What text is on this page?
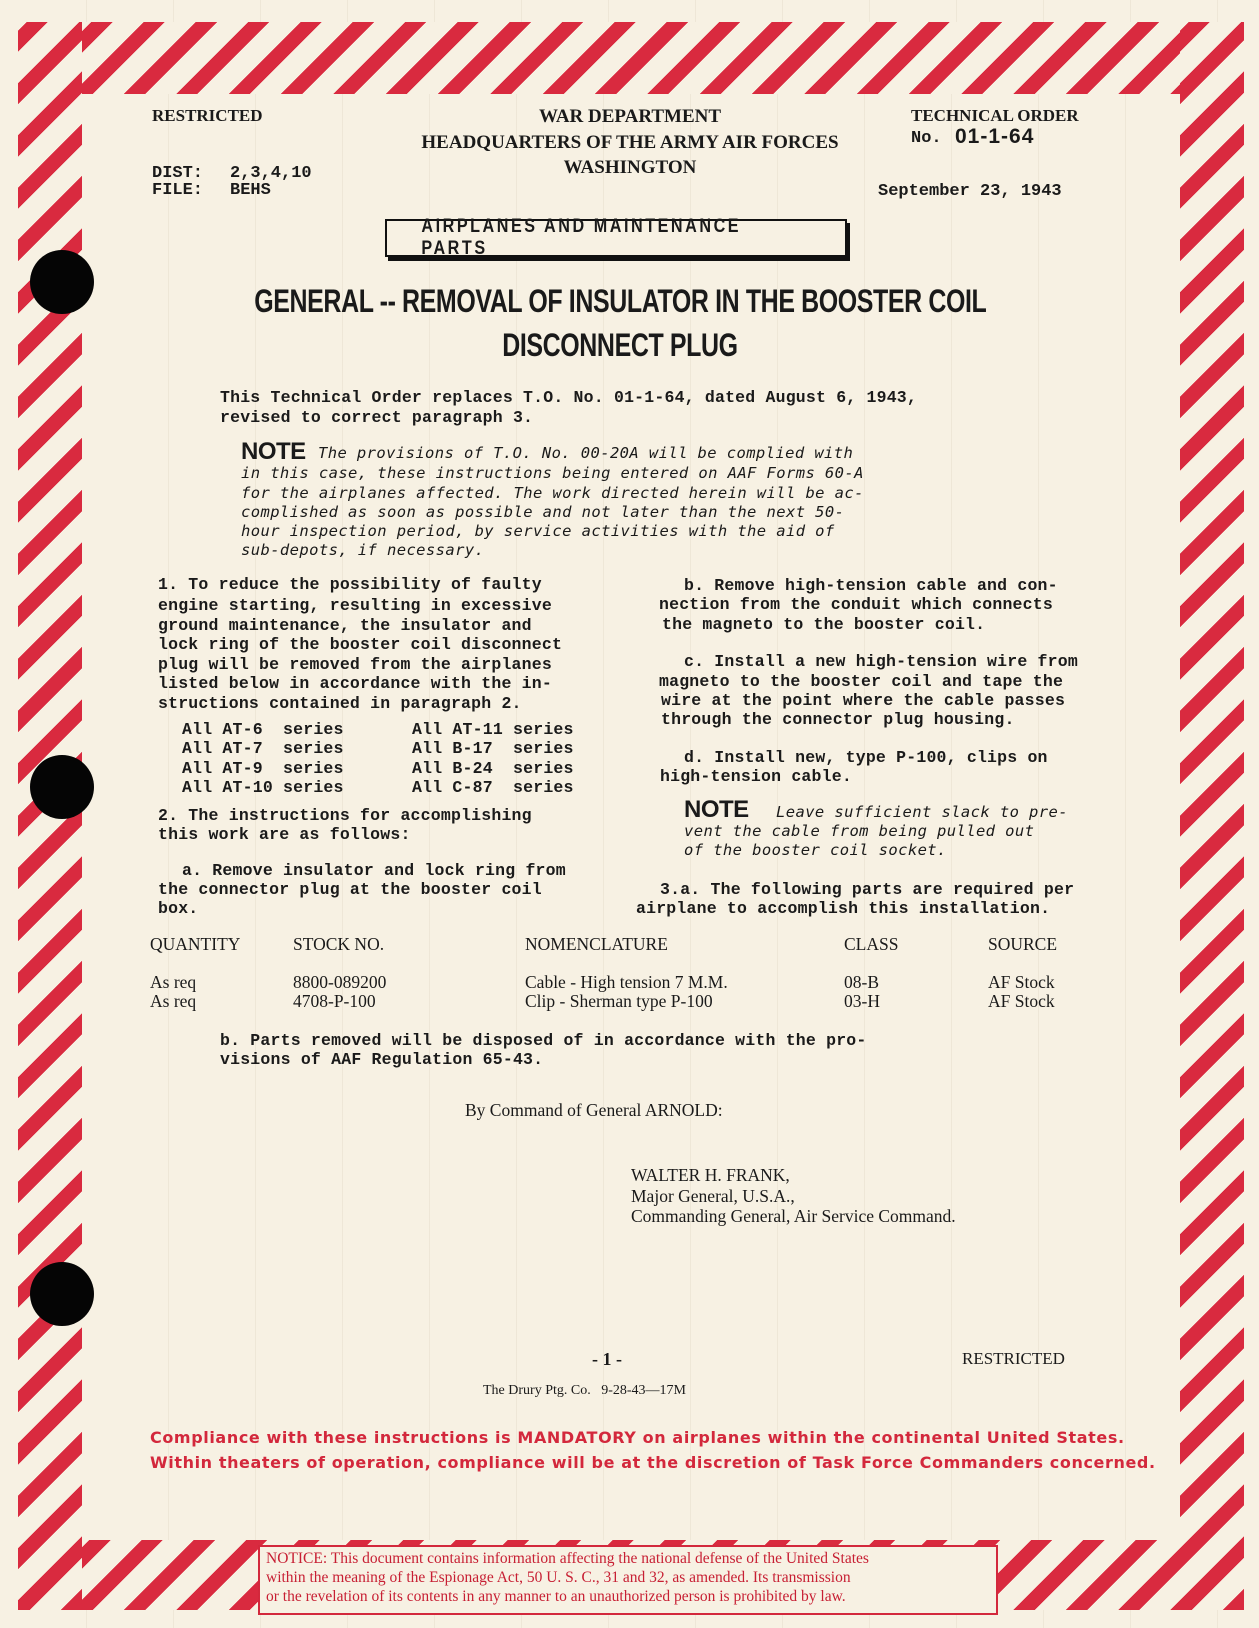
RESTRICTED
DIST: 2,3,4,10
FILE: BEHS
WAR DEPARTMENT
HEADQUARTERS OF THE ARMY AIR FORCES
WASHINGTON
TECHNICAL ORDER
No. 01-1-64
September 23, 1943
AIRPLANES AND MAINTENANCE PARTS
GENERAL -- REMOVAL OF INSULATOR IN THE BOOSTER COIL
DISCONNECT PLUG
This Technical Order replaces T.O. No. 01-1-64, dated August 6, 1943,
revised to correct paragraph 3.
NOTE The provisions of T.O. No. 00-20A will be complied with
in this case, these instructions being entered on AAF Forms 60-A
for the airplanes affected. The work directed herein will be ac-
complished as soon as possible and not later than the next 50-
hour inspection period, by service activities with the aid of
sub-depots, if necessary.
1. To reduce the possibility of faulty
engine starting, resulting in excessive
ground maintenance, the insulator and
lock ring of the booster coil disconnect
plug will be removed from the airplanes
listed below in accordance with the in-
structions contained in paragraph 2.
All AT-6  series	All AT-11 series
All AT-7  series	All B-17  series
All AT-9  series	All B-24  series
All AT-10 series	All C-87  series
2. The instructions for accomplishing
this work are as follows:
a. Remove insulator and lock ring from
the connector plug at the booster coil
box.
b. Remove high-tension cable and con-
nection from the conduit which connects
the magneto to the booster coil.
c. Install a new high-tension wire from
magneto to the booster coil and tape the
wire at the point where the cable passes
through the connector plug housing.
d. Install new, type P-100, clips on
high-tension cable.
NOTE Leave sufficient slack to pre-
vent the cable from being pulled out
of the booster coil socket.
3.a. The following parts are required per
airplane to accomplish this installation.
QUANTITY	STOCK NO.	NOMENCLATURE	CLASS	SOURCE
As req	8800-089200	Cable - High tension 7 M.M.	08-B	AF Stock
As req	4708-P-100	Clip - Sherman type P-100	03-H	AF Stock
b. Parts removed will be disposed of in accordance with the pro-
visions of AAF Regulation 65-43.
By Command of General ARNOLD:
WALTER H. FRANK,
Major General, U.S.A.,
Commanding General, Air Service Command.
- 1 -	RESTRICTED
The Drury Ptg. Co.   9-28-43—17M
Compliance with these instructions is MANDATORY on airplanes within the continental United States.
Within theaters of operation, compliance will be at the discretion of Task Force Commanders concerned.
NOTICE: This document contains information affecting the national defense of the United States
within the meaning of the Espionage Act, 50 U. S. C., 31 and 32, as amended. Its transmission
or the revelation of its contents in any manner to an unauthorized person is prohibited by law.
